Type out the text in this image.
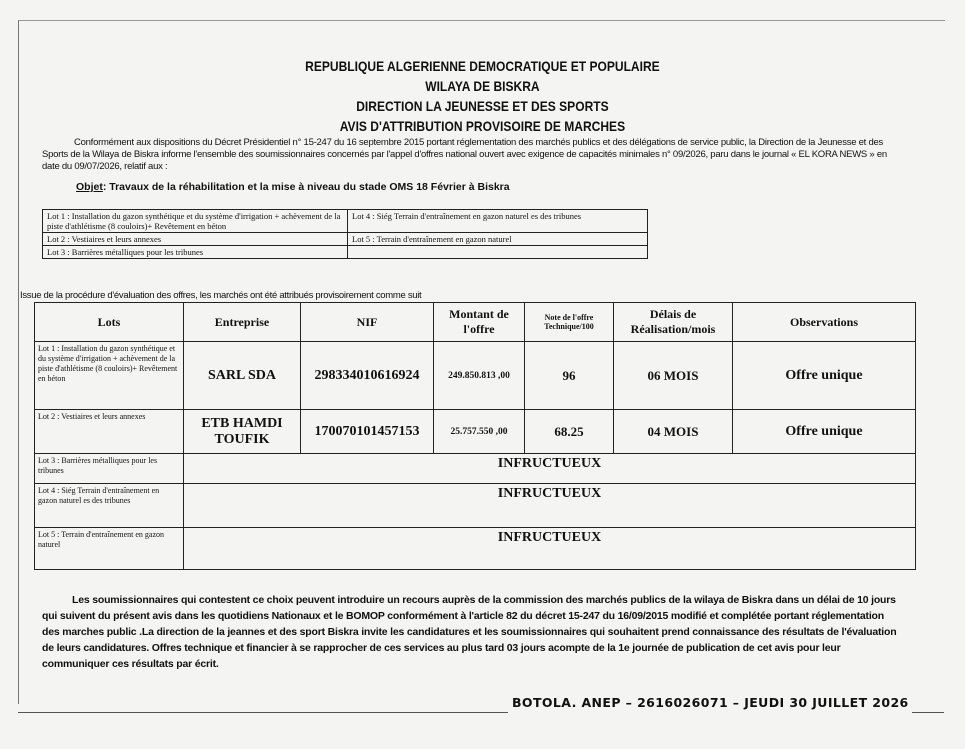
REPUBLIQUE ALGERIENNE DEMOCRATIQUE ET POPULAIRE
WILAYA DE BISKRA
DIRECTION LA JEUNESSE ET DES SPORTS
AVIS D'ATTRIBUTION PROVISOIRE DE MARCHES
Conformément aux dispositions du Décret Présidentiel n° 15-247 du 16 septembre 2015 portant réglementation des marchés publics et des délégations de service public, la Direction de la Jeunesse et des Sports de la Wilaya de Biskra informe l'ensemble des soumissionnaires concernés par l'appel d'offres national ouvert avec exigence de capacités minimales n° 09/2026, paru dans le journal « EL KORA NEWS » en date du 09/07/2026, relatif aux :
Objet: Travaux de la réhabilitation et la mise à niveau du stade OMS 18 Février à Biskra
Lot 1 : Installation du gazon synthétique et du système d'irrigation + achèvement de la piste d'athlétisme (8 couloirs)+ Revêtement en béton	Lot 4 : Siég Terrain d'entraînement en gazon naturel es des tribunes
Lot 2 : Vestiaires et leurs annexes	Lot 5 : Terrain d'entraînement en gazon naturel
Lot 3 : Barrières métalliques pour les tribunes	
Issue de la procédure d'évaluation des offres, les marchés ont été attribués provisoirement comme suit
Lots	Entreprise	NIF	Montant de l'offre	Note de l'offre Technique/100	Délais de Réalisation/mois	Observations
Lot 1 : Installation du gazon synthétique et du système d'irrigation + achèvement de la piste d'athlétisme (8 couloirs)+ Revêtement en béton	SARL SDA	298334010616924	249.850.813 ,00	96	06 MOIS	Offre unique
Lot 2 : Vestiaires et leurs annexes	ETB HAMDI TOUFIK	170070101457153	25.757.550 ,00	68.25	04 MOIS	Offre unique
Lot 3 : Barrières métalliques pour les tribunes	INFRUCTUEUX					
Lot 4 : Siég Terrain d'entraînement en gazon naturel es des tribunes	INFRUCTUEUX					
Lot 5 : Terrain d'entraînement en gazon naturel	INFRUCTUEUX					
Les soumissionnaires qui contestent ce choix peuvent introduire un recours auprès de la commission des marchés publics de la wilaya de Biskra dans un délai de 10 jours qui suivent du présent avis dans les quotidiens Nationaux et le BOMOP conformément à l'article 82 du décret 15-247 du 16/09/2015 modifié et complétée portant réglementation des marches public .La direction de la jeannes et des sport Biskra invite les candidatures et les soumissionnaires qui souhaitent prend connaissance des résultats de l'évaluation de leurs candidatures. Offres technique et financier à se rapprocher de ces services au plus tard 03 jours acompte de la 1e journée de publication de cet avis pour leur communiquer ces résultats par écrit.
BOTOLA. ANEP – 2616026071 – JEUDI 30 JUILLET 2026
